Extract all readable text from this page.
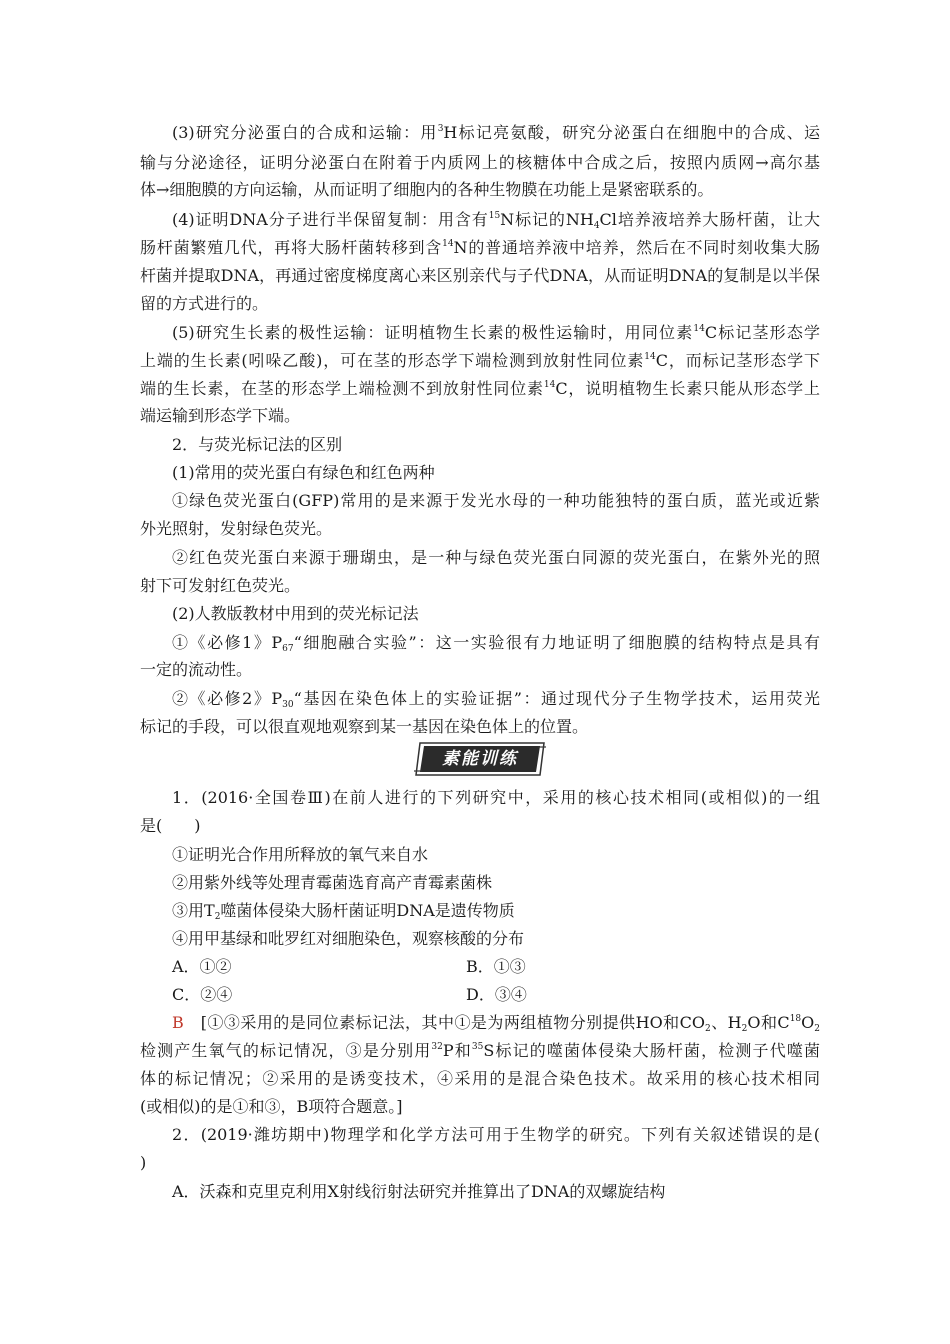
(3)研究分泌蛋白的合成和运输：用$^3$H标记亮氨酸，研究分泌蛋白在细胞中的合成、运
输与分泌途径，证明分泌蛋白在附着于内质网上的核糖体中合成之后，按照内质网→高尔基
体→细胞膜的方向运输，从而证明了细胞内的各种生物膜在功能上是紧密联系的。
(4)证明DNA分子进行半保留复制：用含有$^{15}$N标记的$NH_4Cl$培养液培养大肠杆菌，让大
肠杆菌繁殖几代，再将大肠杆菌转移到含$^{14}$N的普通培养液中培养，然后在不同时刻收集大肠
杆菌并提取DNA，再通过密度梯度离心来区别亲代与子代DNA，从而证明DNA的复制是以半保
留的方式进行的。
(5)研究生长素的极性运输：证明植物生长素的极性运输时，用同位素$^{14}$C标记茎形态学
上端的生长素(吲哚乙酸)，可在茎的形态学下端检测到放射性同位素$^{14}$C，而标记茎形态学下
端的生长素，在茎的形态学上端检测不到放射性同位素$^{14}$C，说明植物生长素只能从形态学上
端运输到形态学下端。
2．与荧光标记法的区别
(1)常用的荧光蛋白有绿色和红色两种
①绿色荧光蛋白(GFP)常用的是来源于发光水母的一种功能独特的蛋白质，蓝光或近紫
外光照射，发射绿色荧光。
②红色荧光蛋白来源于珊瑚虫，是一种与绿色荧光蛋白同源的荧光蛋白，在紫外光的照
射下可发射红色荧光。
(2)人教版教材中用到的荧光标记法
①《必修1》$P_{67}“$细胞融合实验”：这一实验很有力地证明了细胞膜的结构特点是具有
一定的流动性。
②《必修2》$P_{30}“$基因在染色体上的实验证据”：通过现代分子生物学技术，运用荧光
标记的手段，可以很直观地观察到某一基因在染色体上的位置。
素能训练
1．(2016·全国卷Ⅲ)在前人进行的下列研究中，采用的核心技术相同(或相似)的一组
是(　　)
①证明光合作用所释放的氧气来自水
②用紫外线等处理青霉菌选育高产青霉素菌株
③用$T_2$噬菌体侵染大肠杆菌证明DNA是遗传物质
④用甲基绿和吡罗红对细胞染色，观察核酸的分布
A．①②	B．①③
C．②④	D．③④
B　 [①③采用的是同位素标记法，其中①是为两组植物分别提供HO和$CO_2$、$H_2O$和$C^{18}O_2$
检测产生氧气的标记情况，③是分别用$^{32}$P和$^{35}$S标记的噬菌体侵染大肠杆菌，检测子代噬菌
体的标记情况；②采用的是诱变技术，④采用的是混合染色技术。故采用的核心技术相同
(或相似)的是①和③，B项符合题意。]
2．(2019·潍坊期中)物理学和化学方法可用于生物学的研究。下列有关叙述错误的是(
)
A．沃森和克里克利用X射线衍射法研究并推算出了DNA的双螺旋结构
